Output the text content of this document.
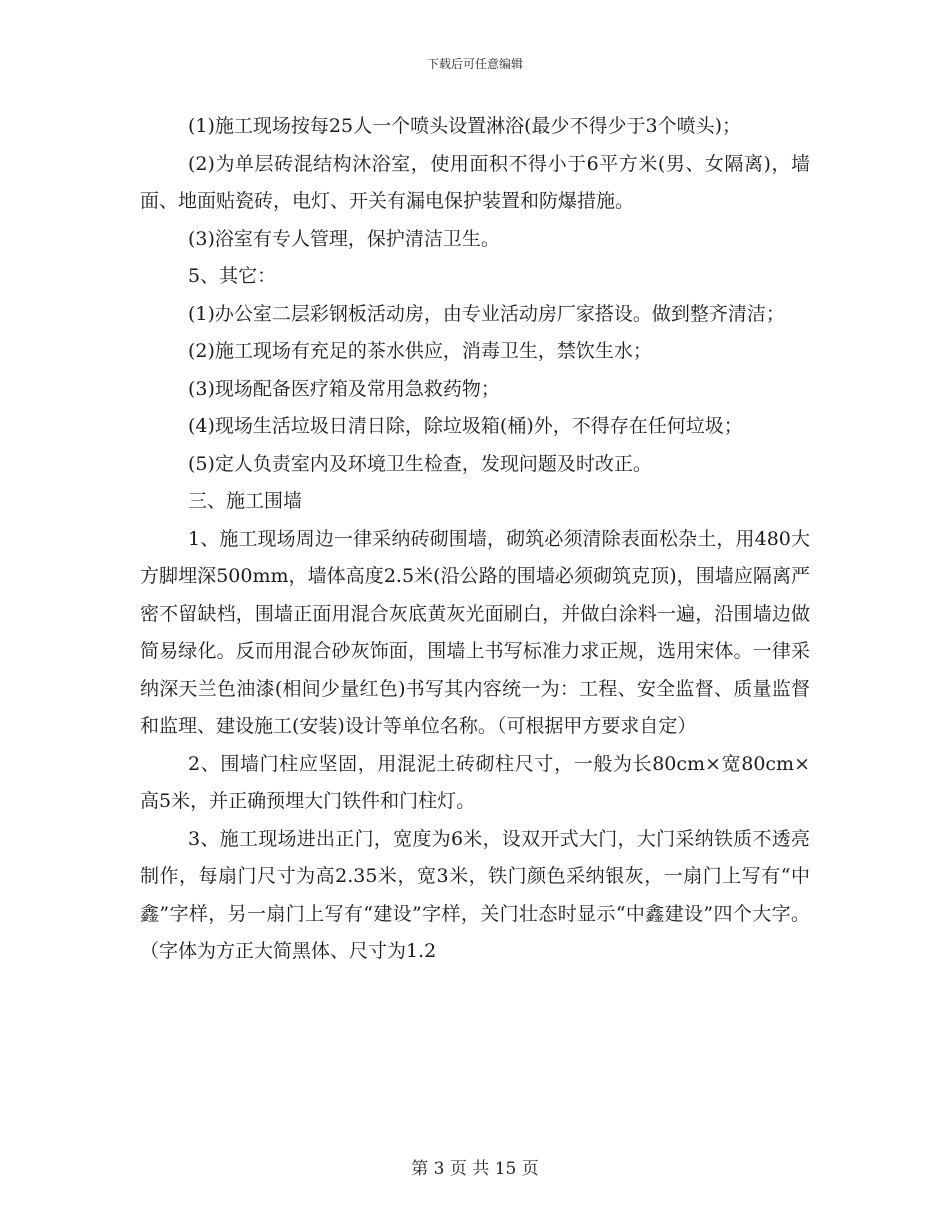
下载后可任意编辑

(1)施工现场按每25人一个喷头设置淋浴(最少不得少于3个喷头)；

(2)为单层砖混结构沐浴室，使用面积不得小于6平方米(男、女隔离)，墙面、地面贴瓷砖，电灯、开关有漏电保护装置和防爆措施。

(3)浴室有专人管理，保护清洁卫生。

5、其它：

(1)办公室二层彩钢板活动房，由专业活动房厂家搭设。做到整齐清洁；

(2)施工现场有充足的茶水供应，消毒卫生，禁饮生水；

(3)现场配备医疗箱及常用急救药物；

(4)现场生活垃圾日清日除，除垃圾箱(桶)外，不得存在任何垃圾；

(5)定人负责室内及环境卫生检查，发现问题及时改正。

三、施工围墙

1、施工现场周边一律采纳砖砌围墙，砌筑必须清除表面松杂土，用480大方脚埋深500mm，墙体高度2.5米(沿公路的围墙必须砌筑克顶)，围墙应隔离严密不留缺档，围墙正面用混合灰底黄灰光面刷白，并做白涂料一遍，沿围墙边做简易绿化。反而用混合砂灰饰面，围墙上书写标准力求正规，选用宋体。一律采纳深天兰色油漆(相间少量红色)书写其内容统一为：工程、安全监督、质量监督和监理、建设施工(安装)设计等单位名称。（可根据甲方要求自定）

2、围墙门柱应坚固，用混泥土砖砌柱尺寸，一般为长80cm×宽80cm×高5米，并正确预埋大门铁件和门柱灯。

3、施工现场进出正门，宽度为6米，设双开式大门，大门采纳铁质不透亮制作，每扇门尺寸为高2.35米，宽3米，铁门颜色采纳银灰，一扇门上写有“中鑫”字样，另一扇门上写有“建设”字样，关门壮态时显示“中鑫建设”四个大字。（字体为方正大简黑体、尺寸为1.2

第 3 页 共 15 页
